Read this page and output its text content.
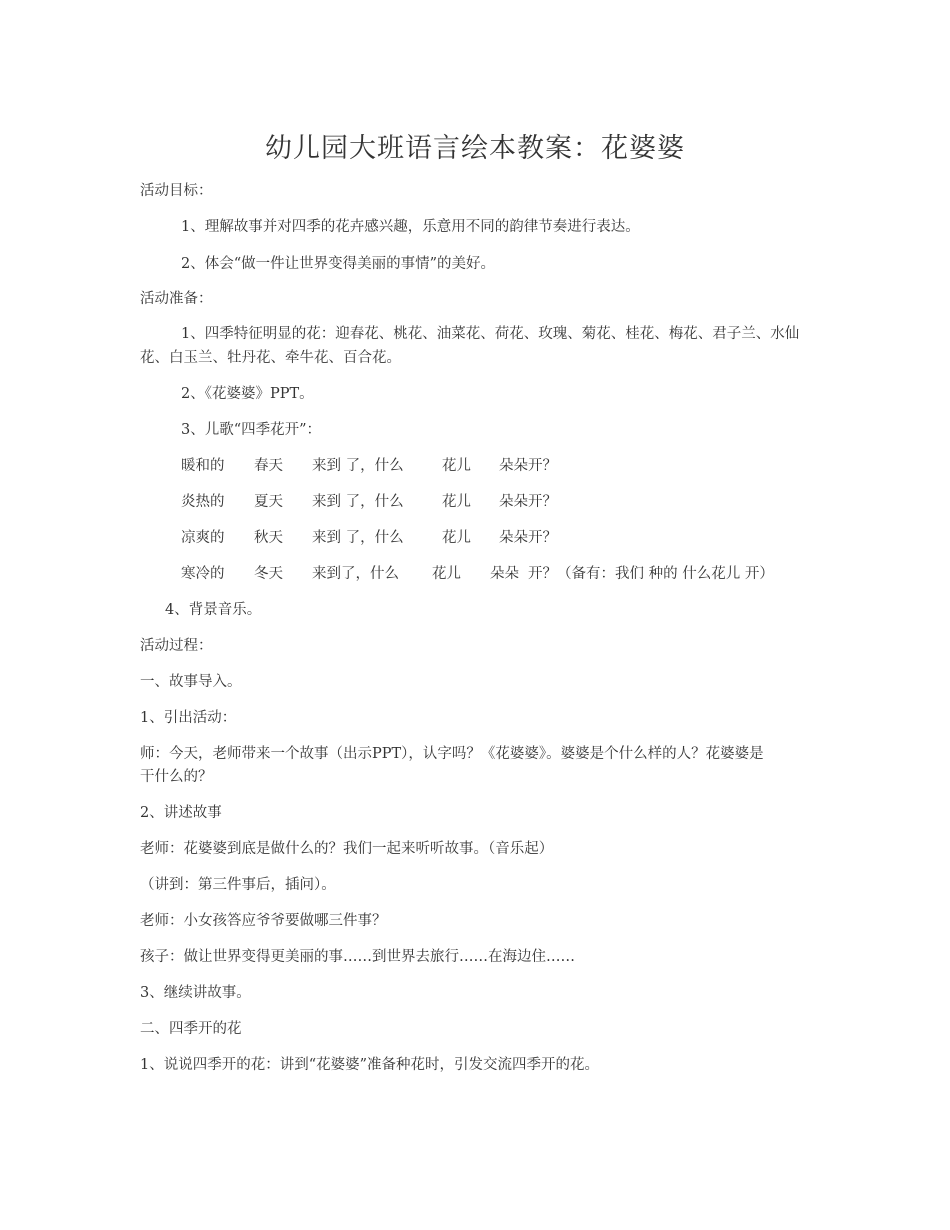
幼儿园大班语言绘本教案：花婆婆
活动目标：
1、理解故事并对四季的花卉感兴趣，乐意用不同的韵律节奏进行表达。
2、体会“做一件让世界变得美丽的事情”的美好。
活动准备：
1、四季特征明显的花：迎春花、桃花、油菜花、荷花、玫瑰、菊花、桂花、梅花、君子兰、水仙
花、白玉兰、牡丹花、牵牛花、百合花。
2、《花婆婆》PPT。
3、儿歌“四季花开”：
暖和的 春天 来到 了，什么	花儿 朵朵开？
炎热的 夏天 来到 了，什么	花儿 朵朵开？
凉爽的 秋天 来到 了，什么	花儿 朵朵开？
寒冷的 冬天 来到了，什么 花儿 朵朵 开？（备有：我们 种的 什么花儿 开）
4、背景音乐。
活动过程：
一、故事导入。
1、引出活动：
师：今天，老师带来一个故事（出示PPT），认字吗？《花婆婆》。婆婆是个什么样的人？花婆婆是
干什么的？
2、讲述故事
老师：花婆婆到底是做什么的？我们一起来听听故事。（音乐起）
（讲到：第三件事后，插问）。
老师：小女孩答应爷爷要做哪三件事？
孩子：做让世界变得更美丽的事……到世界去旅行……在海边住……
3、继续讲故事。
二、四季开的花
1、说说四季开的花：讲到“花婆婆”准备种花时，引发交流四季开的花。
